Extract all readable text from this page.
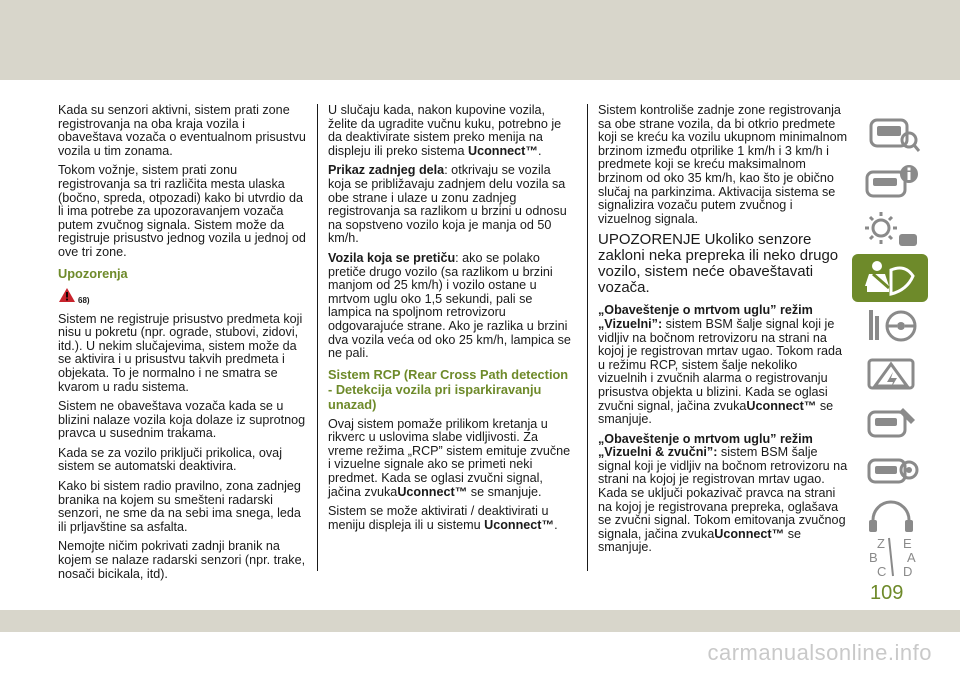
Kada su senzori aktivni, sistem prati zone registrovanja na oba kraja vozila i obaveštava vozača o eventualnom prisustvu vozila u tim zonama.

Tokom vožnje, sistem prati zonu registrovanja sa tri različita mesta ulaska (bočno, spreda, otpozadi) kako bi utvrdio da li ima potrebe za upozoravanjem vozača putem zvučnog signala. Sistem može da registruje prisustvo jednog vozila u jednoj od ove tri zone.

Upozorenja
68)

Sistem ne registruje prisustvo predmeta koji nisu u pokretu (npr. ograde, stubovi, zidovi, itd.). U nekim slučajevima, sistem može da se aktivira i u prisustvu takvih predmeta i objekata. To je normalno i ne smatra se kvarom u radu sistema.

Sistem ne obaveštava vozača kada se u blizini nalaze vozila koja dolaze iz suprotnog pravca u susednim trakama.

Kada se za vozilo priključi prikolica, ovaj sistem se automatski deaktivira.

Kako bi sistem radio pravilno, zona zadnjeg branika na kojem su smešteni radarski senzori, ne sme da na sebi ima snega, leda ili prljavštine sa asfalta.

Nemojte ničim pokrivati zadnji branik na kojem se nalaze radarski senzori (npr. trake, nosači bicikala, itd).

U slučaju kada, nakon kupovine vozila, želite da ugradite vučnu kuku, potrebno je da deaktivirate sistem preko menija na displeju ili preko sistema Uconnect™.

Prikaz zadnjeg dela: otkrivaju se vozila koja se približavaju zadnjem delu vozila sa obe strane i ulaze u zonu zadnjeg registrovanja sa razlikom u brzini u odnosu na sopstveno vozilo koja je manja od 50 km/h.

Vozila koja se pretiču: ako se polako pretiče drugo vozilo (sa razlikom u brzini manjom od 25 km/h) i vozilo ostane u mrtvom uglu oko 1,5 sekundi, pali se lampica na spoljnom retrovizoru odgovarajuće strane. Ako je razlika u brzini dva vozila veća od oko 25 km/h, lampica se ne pali.

Sistem RCP (Rear Cross Path detection - Detekcija vozila pri isparkiravanju unazad)

Ovaj sistem pomaže prilikom kretanja u rikverc u uslovima slabe vidljivosti. Za vreme režima „RCP” sistem emituje zvučne i vizuelne signale ako se primeti neki predmet. Kada se oglasi zvučni signal, jačina zvukaUconnect™ se smanjuje.

Sistem se može aktivirati / deaktivirati u meniju displeja ili u sistemu Uconnect™.

Sistem kontroliše zadnje zone registrovanja sa obe strane vozila, da bi otkrio predmete koji se kreću ka vozilu ukupnom minimalnom brzinom između otprilike 1 km/h i 3 km/h i predmete koji se kreću maksimalnom brzinom od oko 35 km/h, kao što je obično slučaj na parkinzima. Aktivacija sistema se signalizira vozaču putem zvučnog i vizuelnog signala.

UPOZORENJE Ukoliko senzore zakloni neka prepreka ili neko drugo vozilo, sistem neće obaveštavati vozača.

„Obaveštenje o mrtvom uglu” režim „Vizuelni”: sistem BSM šalje signal koji je vidljiv na bočnom retrovizoru na strani na kojoj je registrovan mrtav ugao. Tokom rada u režimu RCP, sistem šalje nekoliko vizuelnih i zvučnih alarma o registrovanju prisustva objekta u blizini. Kada se oglasi zvučni signal, jačina zvukaUconnect™ se smanjuje.

„Obaveštenje o mrtvom uglu” režim „Vizuelni & zvučni”: sistem BSM šalje signal koji je vidljiv na bočnom retrovizoru na strani na kojoj je registrovan mrtav ugao. Kada se uključi pokazivač pravca na strani na kojoj je registrovana prepreka, oglašava se zvučni signal. Tokom emitovanja zvučnog signala, jačina zvukaUconnect™ se smanjuje.	Z E
B A
C D
109
carmanualsonline.info
